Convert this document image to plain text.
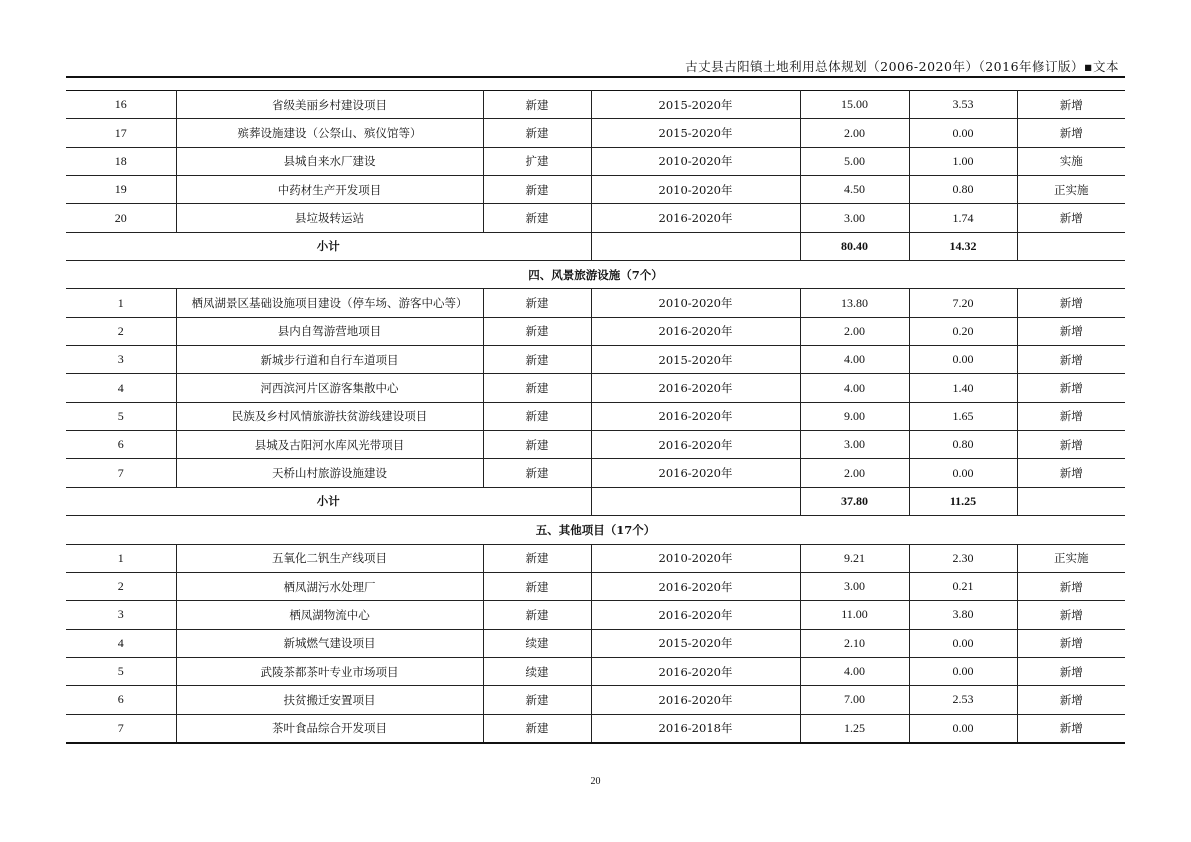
古丈县古阳镇土地利用总体规划（2006-2020年）（2016年修订版）▪文本
16	省级美丽乡村建设项目	新建	2015-2020年	15.00	3.53	新增
17	殡葬设施建设（公祭山、殡仪馆等）	新建	2015-2020年	2.00	0.00	新增
18	县城自来水厂建设	扩建	2010-2020年	5.00	1.00	实施
19	中药材生产开发项目	新建	2010-2020年	4.50	0.80	正实施
20	县垃圾转运站	新建	2016-2020年	3.00	1.74	新增
小计				80.40	14.32	
四、风景旅游设施（7个）						
1	栖凤湖景区基础设施项目建设（停车场、游客中心等）	新建	2010-2020年	13.80	7.20	新增
2	县内自驾游营地项目	新建	2016-2020年	2.00	0.20	新增
3	新城步行道和自行车道项目	新建	2015-2020年	4.00	0.00	新增
4	河西滨河片区游客集散中心	新建	2016-2020年	4.00	1.40	新增
5	民族及乡村风情旅游扶贫游线建设项目	新建	2016-2020年	9.00	1.65	新增
6	县城及古阳河水库风光带项目	新建	2016-2020年	3.00	0.80	新增
7	天桥山村旅游设施建设	新建	2016-2020年	2.00	0.00	新增
小计				37.80	11.25	
五、其他项目（17个）						
1	五氧化二钒生产线项目	新建	2010-2020年	9.21	2.30	正实施
2	栖凤湖污水处理厂	新建	2016-2020年	3.00	0.21	新增
3	栖凤湖物流中心	新建	2016-2020年	11.00	3.80	新增
4	新城燃气建设项目	续建	2015-2020年	2.10	0.00	新增
5	武陵茶都茶叶专业市场项目	续建	2016-2020年	4.00	0.00	新增
6	扶贫搬迁安置项目	新建	2016-2020年	7.00	2.53	新增
7	茶叶食品综合开发项目	新建	2016-2018年	1.25	0.00	新增
20
